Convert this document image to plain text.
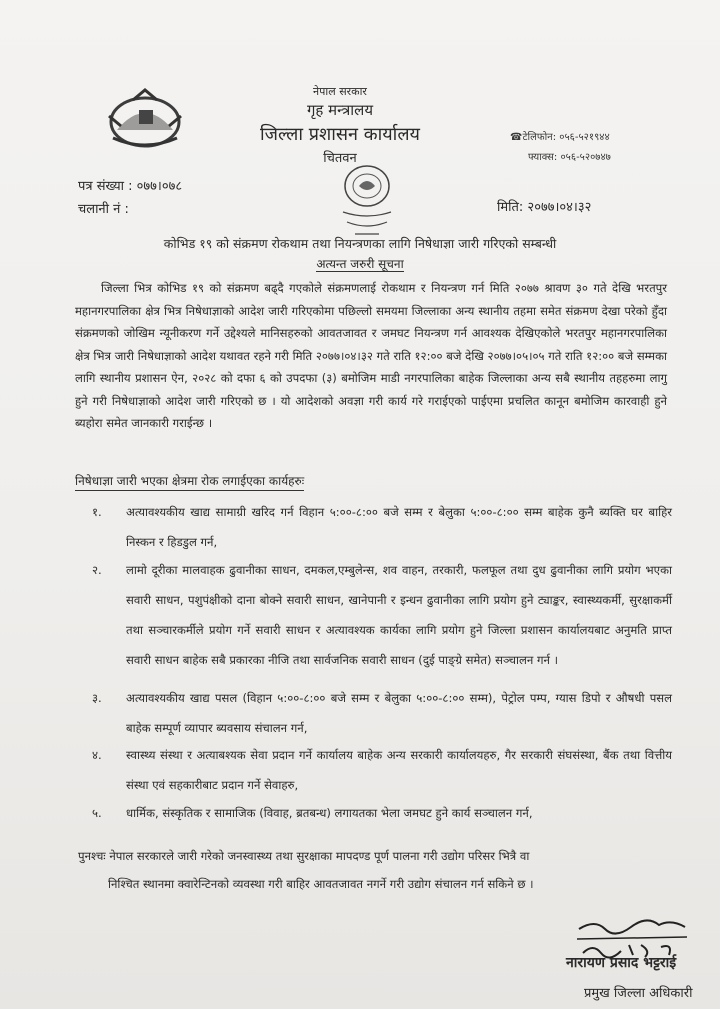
नेपाल सरकार
गृह मन्त्रालय
जिल्ला प्रशासन कार्यालय
चितवन
☎टेलिफोन: ०५६-५२१९४४
फ्याक्स: ०५६-५२०७४७
पत्र संख्या : ०७७।०७८
चलानी नं :	मिति: २०७७।०४।३२
कोभिड १९ को संक्रमण रोकथाम तथा नियन्त्रणका लागि निषेधाज्ञा जारी गरिएको सम्बन्धी
अत्यन्त जरुरी सूचना
जिल्ला भित्र कोभिड १९ को संक्रमण बढ्दै गएकोले संक्रमणलाई रोकथाम र नियन्त्रण गर्न मिति २०७७ श्रावण ३० गते देखि भरतपुर महानगरपालिका क्षेत्र भित्र निषेधाज्ञाको आदेश जारी गरिएकोमा पछिल्लो समयमा जिल्लाका अन्य स्थानीय तहमा समेत संक्रमण देखा परेको हुँदा संक्रमणको जोखिम न्यूनीकरण गर्ने उद्देश्यले मानिसहरुको आवतजावत र जमघट नियन्त्रण गर्न आवश्यक देखिएकोले भरतपुर महानगरपालिका क्षेत्र भित्र जारी निषेधाज्ञाको आदेश यथावत रहने गरी मिति २०७७।०४।३२ गते राति १२:०० बजे देखि २०७७।०५।०५ गते राति १२:०० बजे सम्मका लागि स्थानीय प्रशासन ऐन, २०२८ को दफा ६ को उपदफा (३) बमोजिम माडी नगरपालिका बाहेक जिल्लाका अन्य सबै स्थानीय तहहरुमा लागु हुने गरी निषेधाज्ञाको आदेश जारी गरिएको छ । यो आदेशको अवज्ञा गरी कार्य गरे गराईएको पाईएमा प्रचलित कानून बमोजिम कारवाही हुने ब्यहोरा समेत जानकारी गराईन्छ ।
निषेधाज्ञा जारी भएका क्षेत्रमा रोक लगाईएका कार्यहरुः
१.	अत्यावश्यकीय खाद्य सामाग्री खरिद गर्न विहान ५:००-८:०० बजे सम्म र बेलुका ५:००-८:०० सम्म बाहेक कुनै ब्यक्ति घर बाहिर निस्कन र हिडडुल गर्न,
२.	लामो दूरीका मालवाहक ढुवानीका साधन, दमकल,एम्बुलेन्स, शव वाहन, तरकारी, फलफूल तथा दुध ढुवानीका लागि प्रयोग भएका सवारी साधन, पशुपंक्षीको दाना बोक्ने सवारी साधन, खानेपानी र इन्धन ढुवानीका लागि प्रयोग हुने ट्याङ्कर, स्वास्थ्यकर्मी, सुरक्षाकर्मी तथा सञ्चारकर्मीले प्रयोग गर्ने सवारी साधन र अत्यावश्यक कार्यका लागि प्रयोग हुने जिल्ला प्रशासन कार्यालयबाट अनुमति प्राप्त सवारी साधन बाहेक सबै प्रकारका नीजि तथा सार्वजनिक सवारी साधन (दुई पाङ्ग्रे समेत) सञ्चालन गर्न ।
३.	अत्यावश्यकीय खाद्य पसल (विहान ५:००-८:०० बजे सम्म र बेलुका ५:००-८:०० सम्म), पेट्रोल पम्प, ग्यास डिपो र औषधी पसल बाहेक सम्पूर्ण व्यापार ब्यवसाय संचालन गर्न,
४.	स्वास्थ्य संस्था र अत्याबश्यक सेवा प्रदान गर्ने कार्यालय बाहेक अन्य सरकारी कार्यालयहरु, गैर सरकारी संघसंस्था, बैंक तथा वित्तीय संस्था एवं सहकारीबाट प्रदान गर्ने सेवाहरु,
५.	धार्मिक, संस्कृतिक र सामाजिक (विवाह, ब्रतबन्ध) लगायतका भेला जमघट हुने कार्य सञ्चालन गर्न,
पुनश्चः नेपाल सरकारले जारी गरेको जनस्वास्थ्य तथा सुरक्षाका मापदण्ड पूर्ण पालना गरी उद्योग परिसर भित्रै वा
निश्चित स्थानमा क्वारेन्टिनको व्यवस्था गरी बाहिर आवतजावत नगर्ने गरी उद्योग संचालन गर्न सकिने छ ।
नारायण प्रसाद भट्टराई
प्रमुख जिल्ला अधिकारी
